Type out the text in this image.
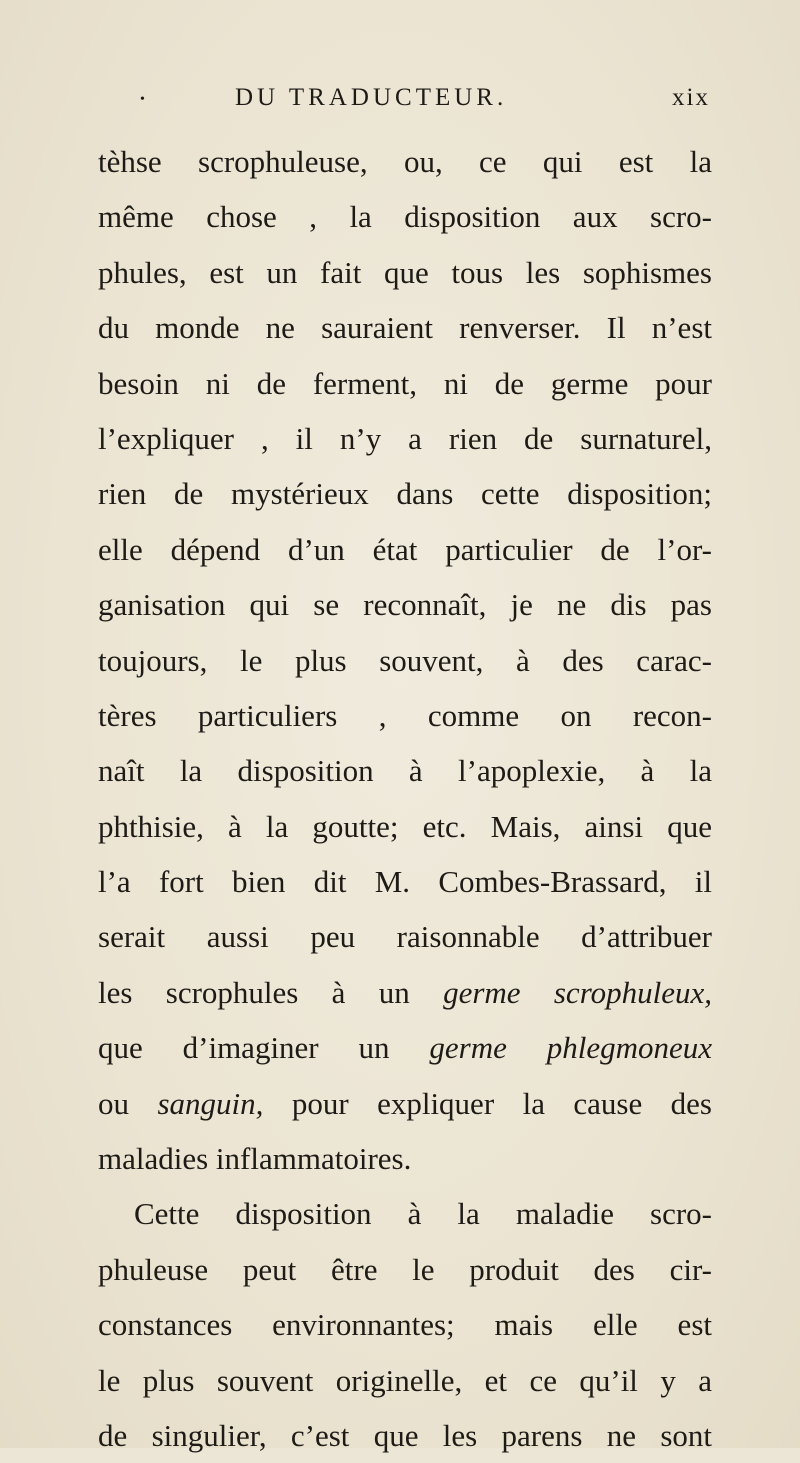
•	DU TRADUCTEUR.	xix
tèhse scrophuleuse, ou, ce qui est la
même chose , la disposition aux scro-
phules, est un fait que tous les sophismes
du monde ne sauraient renverser. Il n’est
besoin ni de ferment, ni de germe pour
l’expliquer , il n’y a rien de surnaturel,
rien de mystérieux dans cette disposition;
elle dépend d’un état particulier de l’or-
ganisation qui se reconnaît, je ne dis pas
toujours, le plus souvent, à des carac-
tères particuliers , comme on recon-
naît la disposition à l’apoplexie, à la
phthisie, à la goutte; etc. Mais, ainsi que
l’a fort bien dit M. Combes-Brassard, il
serait aussi peu raisonnable d’attribuer
les scrophules à un germe scrophuleux,
que d’imaginer un germe phlegmoneux
ou sanguin, pour expliquer la cause des
maladies inflammatoires.
Cette disposition à la maladie scro-
phuleuse peut être le produit des cir-
constances environnantes; mais elle est
le plus souvent originelle, et ce qu’il y a
de singulier, c’est que les parens ne sont
